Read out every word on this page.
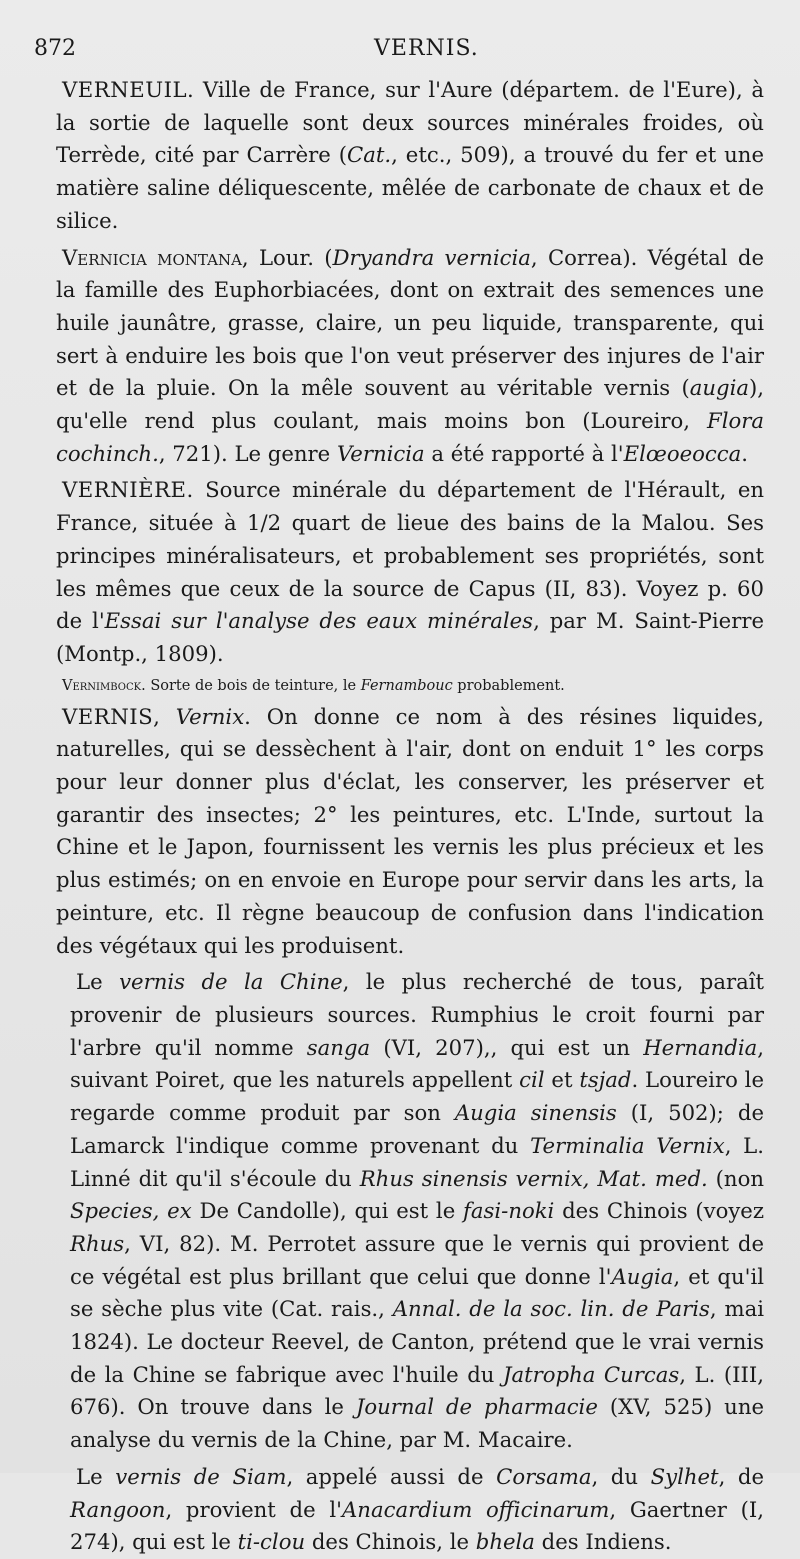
872	VERNIS.

VERNEUIL. Ville de France, sur l'Aure (départem. de l'Eure), à la sortie de laquelle sont deux sources minérales froides, où Terrède, cité par Carrère (Cat., etc., 509), a trouvé du fer et une matière saline déliquescente, mêlée de carbonate de chaux et de silice.

Vernicia montana, Lour. (Dryandra vernicia, Correa). Végétal de la famille des Euphorbiacées, dont on extrait des semences une huile jaunâtre, grasse, claire, un peu liquide, transparente, qui sert à enduire les bois que l'on veut préserver des injures de l'air et de la pluie. On la mêle souvent au véritable vernis (augia), qu'elle rend plus coulant, mais moins bon (Loureiro, Flora cochinch., 721). Le genre Vernicia a été rapporté à l'Elœoeocca.

VERNIÈRE. Source minérale du département de l'Hérault, en France, située à 1/2 quart de lieue des bains de la Malou. Ses principes minéralisateurs, et probablement ses propriétés, sont les mêmes que ceux de la source de Capus (II, 83). Voyez p. 60 de l'Essai sur l'analyse des eaux minérales, par M. Saint-Pierre (Montp., 1809).

Vernimbock. Sorte de bois de teinture, le Fernambouc probablement.

VERNIS, Vernix. On donne ce nom à des résines liquides, naturelles, qui se dessèchent à l'air, dont on enduit 1° les corps pour leur donner plus d'éclat, les conserver, les préserver et garantir des insectes; 2° les peintures, etc. L'Inde, surtout la Chine et le Japon, fournissent les vernis les plus précieux et les plus estimés; on en envoie en Europe pour servir dans les arts, la peinture, etc. Il règne beaucoup de confusion dans l'indication des végétaux qui les produisent.

Le vernis de la Chine, le plus recherché de tous, paraît provenir de plusieurs sources. Rumphius le croit fourni par l'arbre qu'il nomme sanga (VI, 207),, qui est un Hernandia, suivant Poiret, que les naturels appellent cil et tsjad. Loureiro le regarde comme produit par son Augia sinensis (I, 502); de Lamarck l'indique comme provenant du Terminalia Vernix, L. Linné dit qu'il s'écoule du Rhus sinensis vernix, Mat. med. (non Species, ex De Candolle), qui est le fasi-noki des Chinois (voyez Rhus, VI, 82). M. Perrotet assure que le vernis qui provient de ce végétal est plus brillant que celui que donne l'Augia, et qu'il se sèche plus vite (Cat. rais., Annal. de la soc. lin. de Paris, mai 1824). Le docteur Reevel, de Canton, prétend que le vrai vernis de la Chine se fabrique avec l'huile du Jatropha Curcas, L. (III, 676). On trouve dans le Journal de pharmacie (XV, 525) une analyse du vernis de la Chine, par M. Macaire.

Le vernis de Siam, appelé aussi de Corsama, du Sylhet, de Rangoon, provient de l'Anacardium officinarum, Gaertner (I, 274), qui est le ti-clou des Chinois, le bhela des Indiens.
